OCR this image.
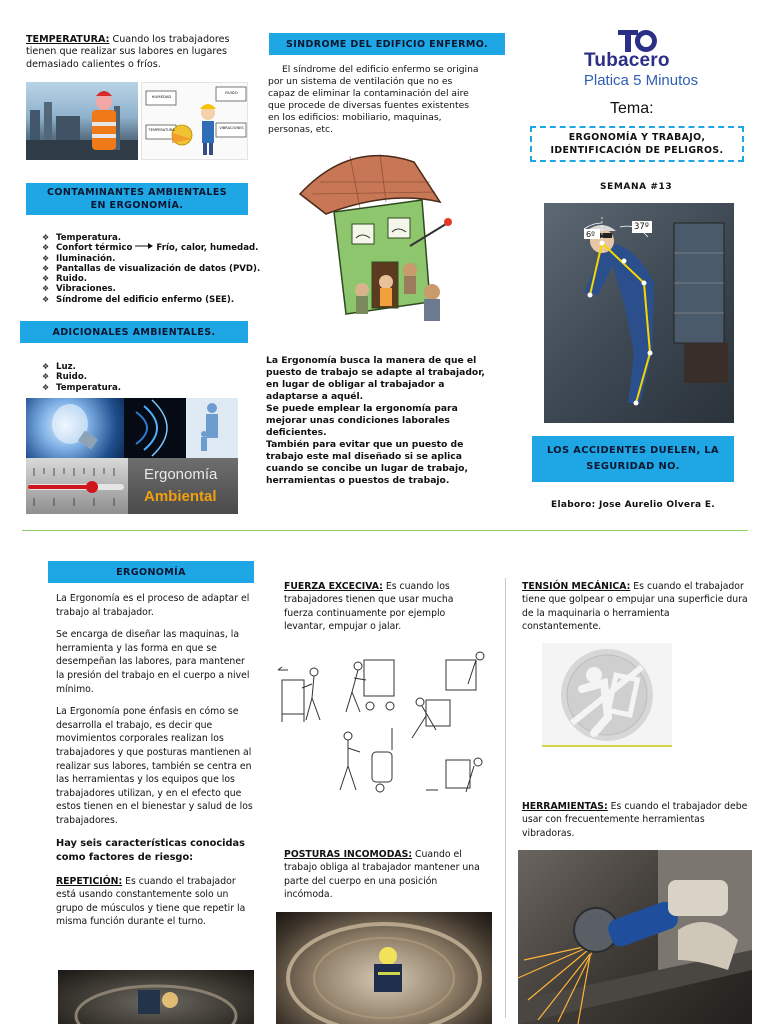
TEMPERATURA: Cuando los trabajadores tienen que realizar sus labores en lugares demasiado calientes o fríos.
HUMEDAD
RUIDO
TEMPERATURA	VIBRACIONES
CONTAMINANTES AMBIENTALES EN ERGONOMÍA.
❖ Temperatura.
❖ Confort térmico	Frío, calor, humedad.
❖ Iluminación.
❖ Pantallas de visualización de datos (PVD).
❖ Ruido.
❖ Vibraciones.
❖ Síndrome del edificio enfermo (SEE).
ADICIONALES AMBIENTALES.
❖ Luz.
❖ Ruido.
❖ Temperatura.
Ergonomía
Ambiental
SINDROME DEL EDIFICIO ENFERMO.
El síndrome del edificio enfermo se origina por un sistema de ventilación que no es capaz de eliminar la contaminación del aire que procede de diversas fuentes existentes en los edificios: mobiliario, maquinas, personas, etc.
La Ergonomía busca la manera de que el puesto de trabajo se adapte al trabajador, en lugar de obligar al trabajador a adaptarse a aquél.
Se puede emplear la ergonomía para mejorar unas condiciones laborales deficientes.
También para evitar que un puesto de trabajo este mal diseñado si se aplica cuando se concibe un lugar de trabajo, herramientas o puestos de trabajo.
Tubacero
Platica 5 Minutos
Tema:
ERGONOMÍA Y TRABAJO, IDENTIFICACIÓN DE PELIGROS.
SEMANA #13
6º
37º
LOS ACCIDENTES DUELEN, LA SEGURIDAD NO.
Elaboro: Jose Aurelio Olvera E.
ERGONOMÍA

La Ergonomía es el proceso de adaptar el trabajo al trabajador.

Se encarga de diseñar las maquinas, la herramienta y las forma en que se desempeñan las labores, para mantener la presión del trabajo en el cuerpo a nivel mínimo.

La Ergonomía pone énfasis en cómo se desarrolla el trabajo, es decir que movimientos corporales realizan los trabajadores y que posturas mantienen al realizar sus labores, también se centra en las herramientas y los equipos que los trabajadores utilizan, y en el efecto que estos tienen en el bienestar y salud de los trabajadores.

Hay seis características conocidas como factores de riesgo:

REPETICIÓN: Es cuando el trabajador está usando constantemente solo un grupo de músculos y tiene que repetir la misma función durante el turno.

FUERZA EXCECIVA: Es cuando los trabajadores tienen que usar mucha fuerza continuamente por ejemplo levantar, empujar o jalar.
POSTURAS INCOMODAS: Cuando el trabajo obliga al trabajador mantener una parte del cuerpo en una posición incómoda.
TENSIÓN MECÁNICA: Es cuando el trabajador tiene que golpear o empujar una superficie dura de la maquinaria o herramienta constantemente.
HERRAMIENTAS: Es cuando el trabajador debe usar con frecuentemente herramientas vibradoras.
